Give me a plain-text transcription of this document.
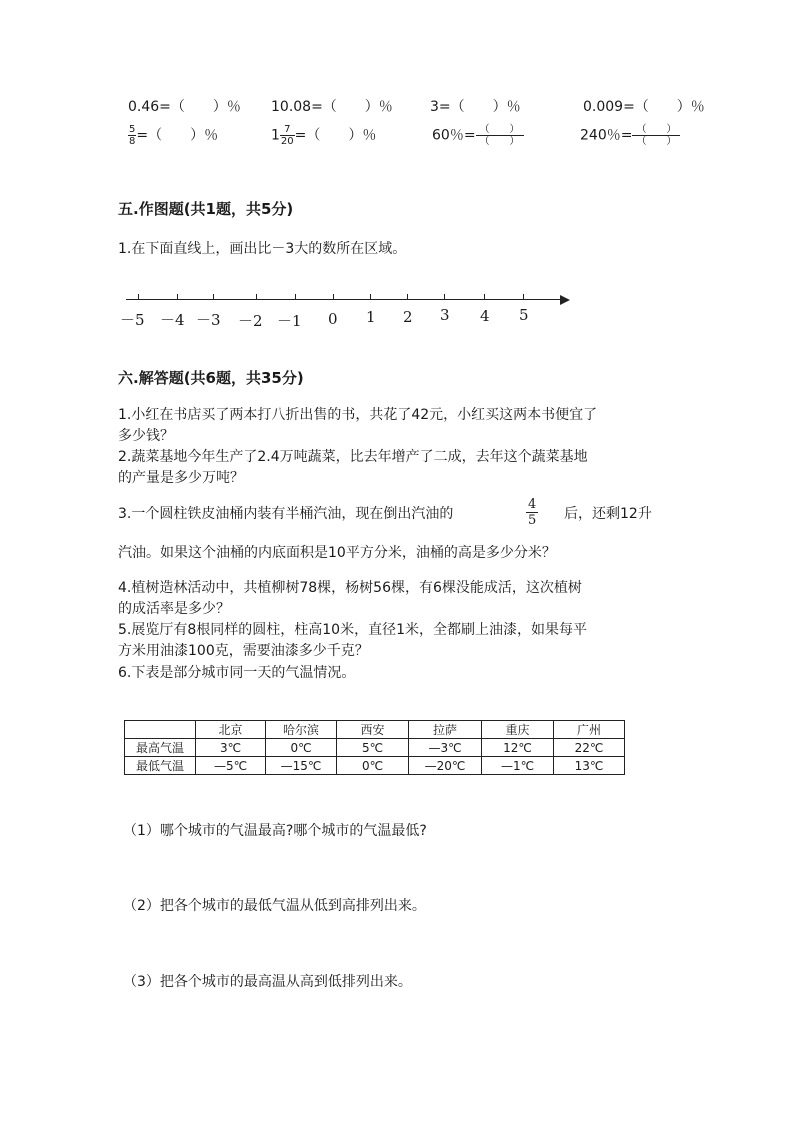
0.46=（　　）％ 10.08=（　　）％	3=（　　）％	0.009=（　　）％
$\frac{5}{8}$ =（　　）％	$1 \frac{7}{20}$ =（　　）％	60％= $\frac{( )}{( )}$	240％= $\frac{( )}{( )}$
五.作图题(共1题，共5分)
1.在下面直线上，画出比－3大的数所在区域。
－5 －4 －3 －2 －1 0 1 2 3 4 5
六.解答题(共6题，共35分)
1.小红在书店买了两本打八折出售的书，共花了42元，小红买这两本书便宜了
多少钱？
2.蔬菜基地今年生产了2.4万吨蔬菜，比去年增产了二成，去年这个蔬菜基地
的产量是多少万吨？
3.一个圆柱铁皮油桶内装有半桶汽油，现在倒出汽油的
4
5 后，还剩12升
汽油。如果这个油桶的内底面积是10平方分米，油桶的高是多少分米？
4.植树造林活动中，共植柳树78棵，杨树56棵，有6棵没能成活，这次植树
的成活率是多少？
5.展览厅有8根同样的圆柱，柱高10米，直径1米，全都刷上油漆，如果每平
方米用油漆100克，需要油漆多少千克？
6.下表是部分城市同一天的气温情况。
	北京	哈尔滨	西安	拉萨	重庆	广州
最高气温	3℃	0℃	5℃	—3℃	12℃	22℃
最低气温	—5℃	—15℃	0℃	—20℃	—1℃	13℃
（1）哪个城市的气温最高?哪个城市的气温最低?
（2）把各个城市的最低气温从低到高排列出来。
（3）把各个城市的最高温从高到低排列出来。
